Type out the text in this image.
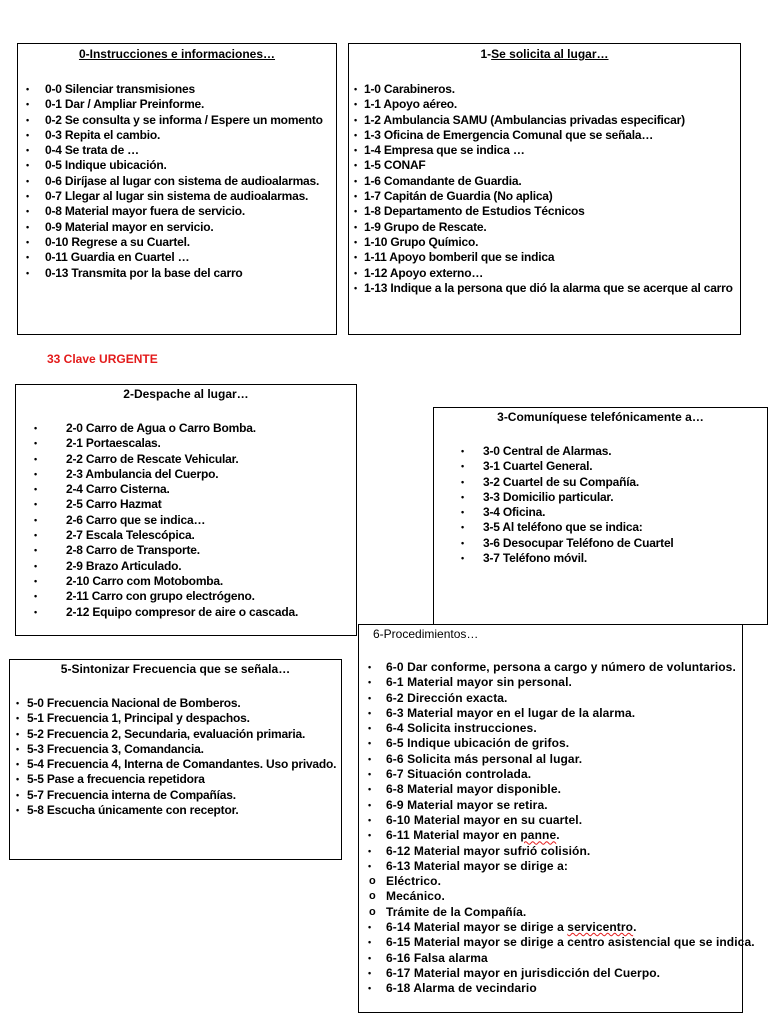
0-Instrucciones e informaciones…
• 0-0 Silenciar transmisiones
• 0-1 Dar / Ampliar Preinforme.
• 0-2 Se consulta y se informa / Espere un momento
• 0-3 Repita el cambio.
• 0-4 Se trata de …
• 0-5 Indique ubicación.
• 0-6 Diríjase al lugar con sistema de audioalarmas.
• 0-7 Llegar al lugar sin sistema de audioalarmas.
• 0-8 Material mayor fuera de servicio.
• 0-9 Material mayor en servicio.
• 0-10 Regrese a su Cuartel.
• 0-11 Guardia en Cuartel …
• 0-13 Transmita por la base del carro
1-Se solicita al lugar…
• 1-0 Carabineros.
• 1-1 Apoyo aéreo.
• 1-2 Ambulancia SAMU (Ambulancias privadas especificar)
• 1-3 Oficina de Emergencia Comunal que se señala…
• 1-4 Empresa que se indica …
• 1-5 CONAF
• 1-6 Comandante de Guardia.
• 1-7 Capitán de Guardia (No aplica)
• 1-8 Departamento de Estudios Técnicos
• 1-9 Grupo de Rescate.
• 1-10 Grupo Químico.
• 1-11 Apoyo bomberil que se indica
• 1-12 Apoyo externo…
• 1-13 Indique a la persona que dió la alarma que se acerque al carro
33 Clave URGENTE
2-Despache al lugar…
• 2-0 Carro de Agua o Carro Bomba.
• 2-1 Portaescalas.
• 2-2 Carro de Rescate Vehicular.
• 2-3 Ambulancia del Cuerpo.
• 2-4 Carro Cisterna.
• 2-5 Carro Hazmat
• 2-6 Carro que se indica…
• 2-7 Escala Telescópica.
• 2-8 Carro de Transporte.
• 2-9 Brazo Articulado.
• 2-10 Carro com Motobomba.
• 2-11 Carro con grupo electrógeno.
• 2-12 Equipo compresor de aire o cascada.
3-Comuníquese telefónicamente a…
• 3-0 Central de Alarmas.
• 3-1 Cuartel General.
• 3-2 Cuartel de su Compañía.
• 3-3 Domicilio particular.
• 3-4 Oficina.
• 3-5 Al teléfono que se indica:
• 3-6 Desocupar Teléfono de Cuartel
• 3-7 Teléfono móvil.
5-Sintonizar Frecuencia que se señala…
• 5-0 Frecuencia Nacional de Bomberos.
• 5-1 Frecuencia 1, Principal y despachos.
• 5-2 Frecuencia 2, Secundaria, evaluación primaria.
• 5-3 Frecuencia 3, Comandancia.
• 5-4 Frecuencia 4, Interna de Comandantes. Uso privado.
• 5-5 Pase a frecuencia repetidora
• 5-7 Frecuencia interna de Compañías.
• 5-8 Escucha únicamente con receptor.
6-Procedimientos…
• 6-0 Dar conforme, persona a cargo y número de voluntarios.
• 6-1 Material mayor sin personal.
• 6-2 Dirección exacta.
• 6-3 Material mayor en el lugar de la alarma.
• 6-4 Solicita instrucciones.
• 6-5 Indique ubicación de grifos.
• 6-6 Solicita más personal al lugar.
• 6-7 Situación controlada.
• 6-8 Material mayor disponible.
• 6-9 Material mayor se retira.
• 6-10 Material mayor en su cuartel.
• 6-11 Material mayor en panne.
• 6-12 Material mayor sufrió colisión.
• 6-13 Material mayor se dirige a:
o Eléctrico.
o Mecánico.
o Trámite de la Compañía.
• 6-14 Material mayor se dirige a servicentro.
• 6-15 Material mayor se dirige a centro asistencial que se indica.
• 6-16 Falsa alarma
• 6-17 Material mayor en jurisdicción del Cuerpo.
• 6-18 Alarma de vecindario
